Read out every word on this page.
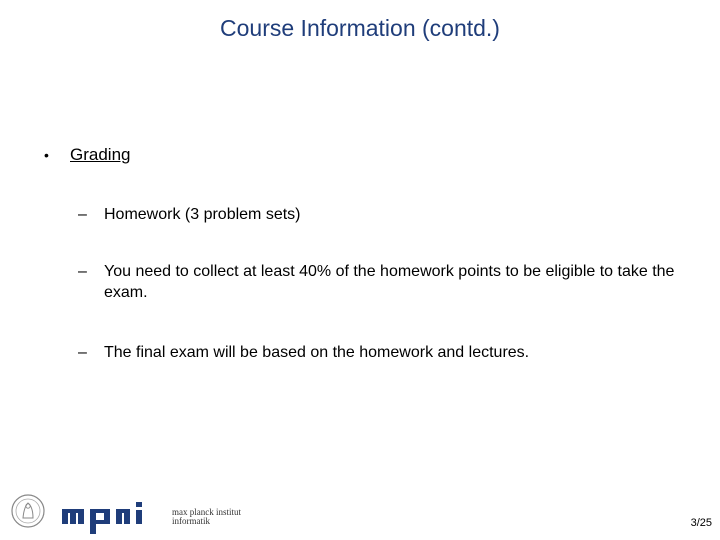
Course Information (contd.)
•	Grading
–	Homework (3 problem sets)
–	You need to collect at least 40% of the homework points to be eligible to take the exam.
–	The final exam will be based on the homework and lectures.
max planck institut
informatik	3/25
